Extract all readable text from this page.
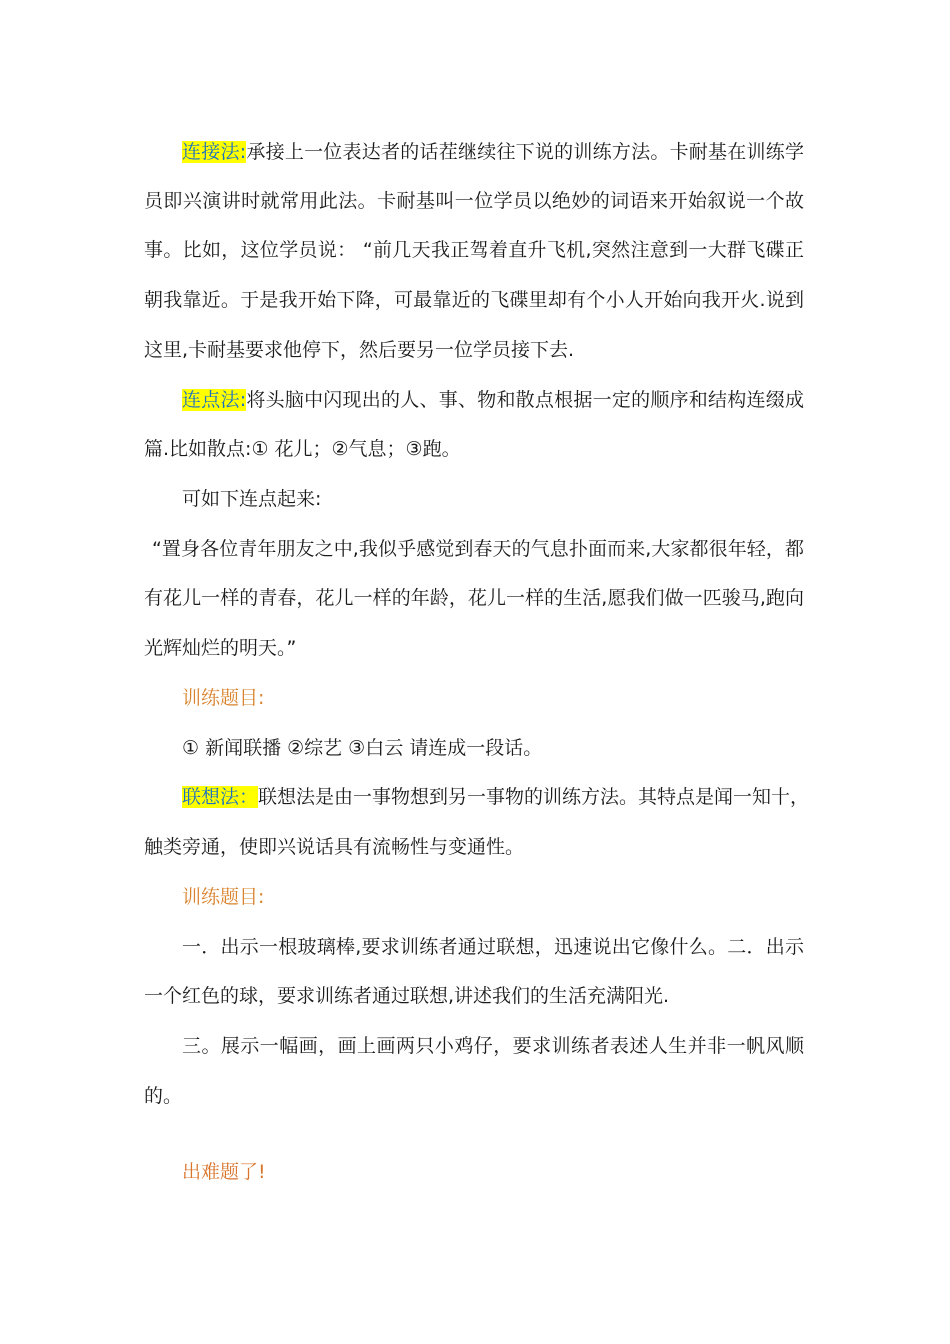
连接法:承接上一位表达者的话茬继续往下说的训练方法。卡耐基在训练学
员即兴演讲时就常用此法。卡耐基叫一位学员以绝妙的词语来开始叙说一个故
事。比如，这位学员说： “前几天我正驾着直升飞机,突然注意到一大群飞碟正
朝我靠近。于是我开始下降，可最靠近的飞碟里却有个小人开始向我开火.说到
这里,卡耐基要求他停下，然后要另一位学员接下去.
连点法:将头脑中闪现出的人、事、物和散点根据一定的顺序和结构连缀成
篇.比如散点:① 花儿；②气息；③跑。
可如下连点起来:
“置身各位青年朋友之中,我似乎感觉到春天的气息扑面而来,大家都很年轻，都
有花儿一样的青春，花儿一样的年龄，花儿一样的生活,愿我们做一匹骏马,跑向
光辉灿烂的明天。”
训练题目:
① 新闻联播 ②综艺 ③白云 请连成一段话。
联想法：联想法是由一事物想到另一事物的训练方法。其特点是闻一知十，
触类旁通，使即兴说话具有流畅性与变通性。
训练题目:
一．出示一根玻璃棒,要求训练者通过联想，迅速说出它像什么。二．出示
一个红色的球，要求训练者通过联想,讲述我们的生活充满阳光.
三。展示一幅画，画上画两只小鸡仔，要求训练者表述人生并非一帆风顺
的。
出难题了!
